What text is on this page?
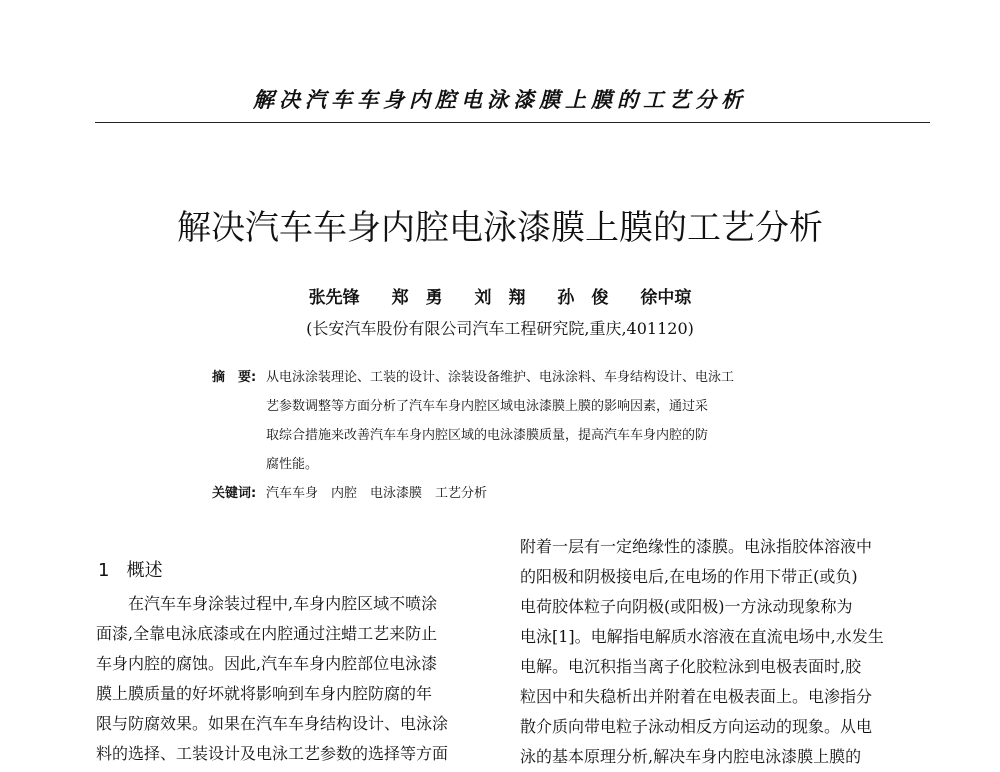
解决汽车车身内腔电泳漆膜上膜的工艺分析
解决汽车车身内腔电泳漆膜上膜的工艺分析
张先锋 郑　勇 刘　翔 孙　俊 徐中琼
(长安汽车股份有限公司汽车工程研究院,重庆,401120)
摘　要: 从电泳涂装理论、工装的设计、涂装设备维护、电泳涂料、车身结构设计、电泳工
艺参数调整等方面分析了汽车车身内腔区域电泳漆膜上膜的影响因素，通过采
取综合措施来改善汽车车身内腔区域的电泳漆膜质量，提高汽车车身内腔的防
腐性能。
关键词: 汽车车身　内腔　电泳漆膜　工艺分析
1 概述
　　在汽车车身涂装过程中,车身内腔区域不喷涂
面漆,全靠电泳底漆或在内腔通过注蜡工艺来防止
车身内腔的腐蚀。因此,汽车车身内腔部位电泳漆
膜上膜质量的好坏就将影响到车身内腔防腐的年
限与防腐效果。如果在汽车车身结构设计、电泳涂
料的选择、工装设计及电泳工艺参数的选择等方面
附着一层有一定绝缘性的漆膜。电泳指胶体溶液中
的阳极和阴极接电后,在电场的作用下带正(或负)
电荷胶体粒子向阴极(或阳极)一方泳动现象称为
电泳[1]。电解指电解质水溶液在直流电场中,水发生
电解。电沉积指当离子化胶粒泳到电极表面时,胶
粒因中和失稳析出并附着在电极表面上。电渗指分
散介质向带电粒子泳动相反方向运动的现象。从电
泳的基本原理分析,解决车身内腔电泳漆膜上膜的
